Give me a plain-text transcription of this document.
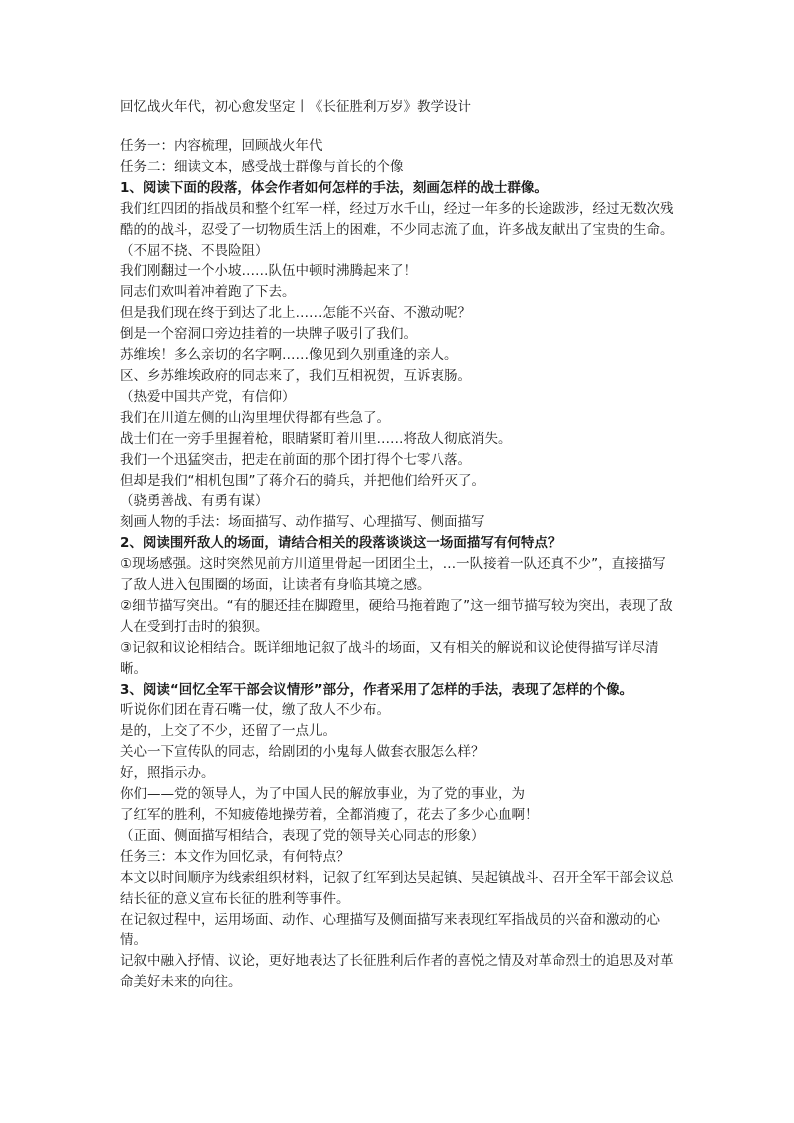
回忆战火年代，初心愈发坚定丨《长征胜利万岁》教学设计

任务一：内容梳理，回顾战火年代

任务二：细读文本，感受战士群像与首长的个像

1、阅读下面的段落，体会作者如何怎样的手法，刻画怎样的战士群像。

我们红四团的指战员和整个红军一样，经过万水千山，经过一年多的长途跋涉，经过无数次残酷的的战斗，忍受了一切物质生活上的困难，不少同志流了血，许多战友献出了宝贵的生命。

（不屈不挠、不畏险阻）

我们刚翻过一个小坡……队伍中顿时沸腾起来了！

同志们欢叫着冲着跑了下去。

但是我们现在终于到达了北上……怎能不兴奋、不激动呢？

倒是一个窑洞口旁边挂着的一块牌子吸引了我们。

苏维埃！多么亲切的名字啊……像见到久别重逢的亲人。

区、乡苏维埃政府的同志来了，我们互相祝贺，互诉衷肠。

（热爱中国共产党，有信仰）

我们在川道左侧的山沟里埋伏得都有些急了。

战士们在一旁手里握着枪，眼睛紧盯着川里……将敌人彻底消失。

我们一个迅猛突击，把走在前面的那个团打得个七零八落。

但却是我们“相机包围”了蒋介石的骑兵，并把他们给歼灭了。

（骁勇善战、有勇有谋）

刻画人物的手法：场面描写、动作描写、心理描写、侧面描写

2、阅读围歼敌人的场面，请结合相关的段落谈谈这一场面描写有何特点？

①现场感强。这时突然见前方川道里骨起一团团尘土，…一队接着一队还真不少”，直接描写了敌人进入包围圈的场面，让读者有身临其境之感。

②细节描写突出。“有的腿还挂在脚蹬里，硬给马拖着跑了”这一细节描写较为突出，表现了敌人在受到打击时的狼狈。

③记叙和议论相结合。既详细地记叙了战斗的场面，又有相关的解说和议论使得描写详尽清晰。

3、阅读“回忆全军干部会议情形”部分，作者采用了怎样的手法，表现了怎样的个像。

听说你们团在青石嘴一仗，缴了敌人不少布。

是的，上交了不少，还留了一点儿。

关心一下宣传队的同志，给剧团的小鬼每人做套衣服怎么样？

好，照指示办。

你们——党的领导人，为了中国人民的解放事业，为了党的事业，为

了红军的胜利，不知疲倦地操劳着，全都消瘦了，花去了多少心血啊！

（正面、侧面描写相结合，表现了党的领导关心同志的形象）

任务三：本文作为回忆录，有何特点？

本文以时间顺序为线索组织材料，记叙了红军到达吴起镇、吴起镇战斗、召开全军干部会议总结长征的意义宣布长征的胜利等事件。

在记叙过程中，运用场面、动作、心理描写及侧面描写来表现红军指战员的兴奋和激动的心情。

记叙中融入抒情、议论，更好地表达了长征胜利后作者的喜悦之情及对革命烈士的追思及对革命美好未来的向往。
